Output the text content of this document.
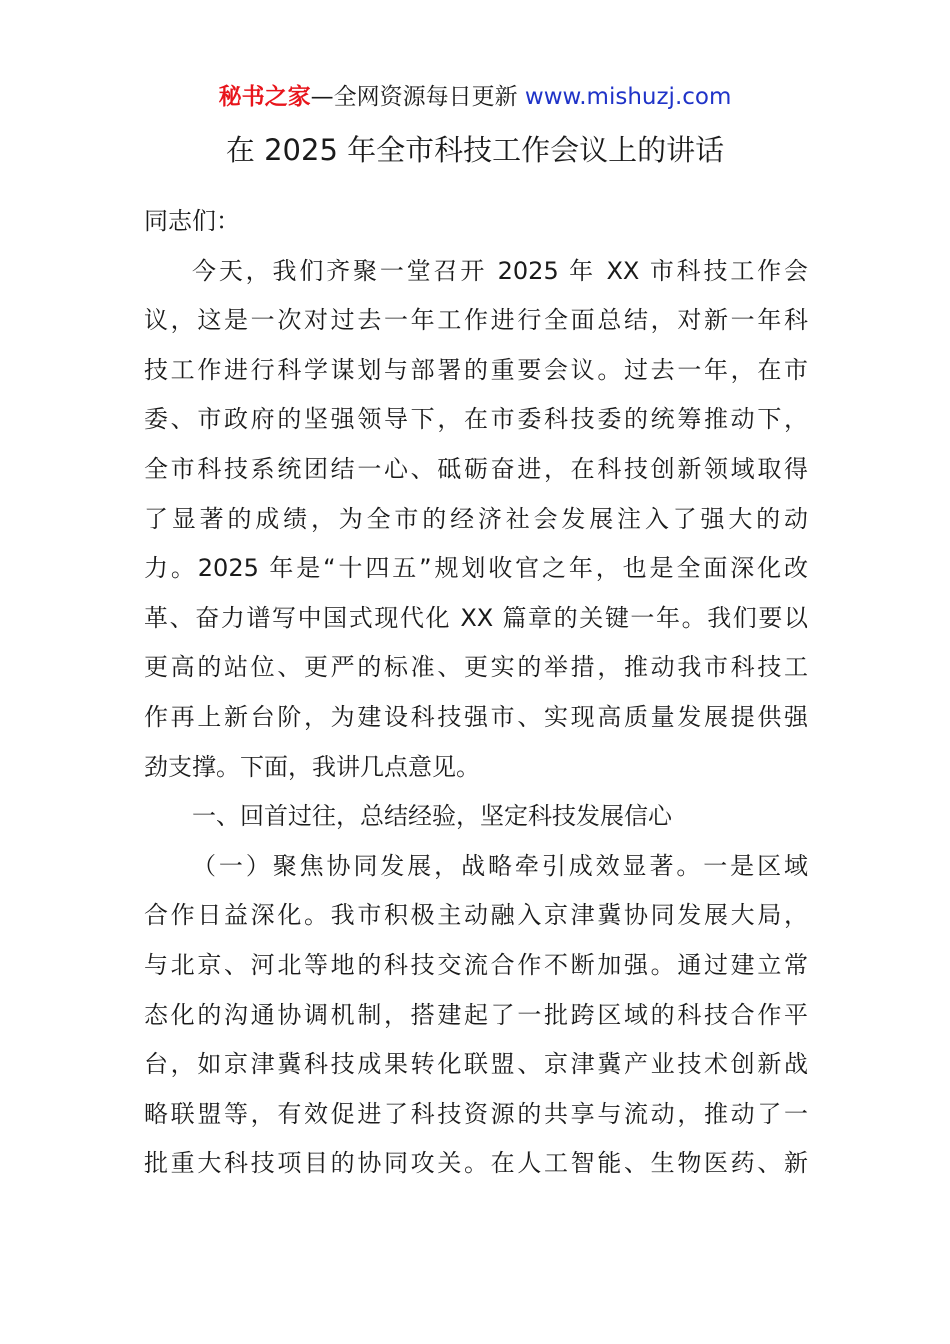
秘书之家—全网资源每日更新 www.mishuzj.com
在 2025 年全市科技工作会议上的讲话
同志们：
今天，我们齐聚一堂召开 2025 年 XX 市科技工作会
议，这是一次对过去一年工作进行全面总结，对新一年科
技工作进行科学谋划与部署的重要会议。过去一年，在市
委、市政府的坚强领导下，在市委科技委的统筹推动下，
全市科技系统团结一心、砥砺奋进，在科技创新领域取得
了显著的成绩，为全市的经济社会发展注入了强大的动
力。2025 年是“十四五”规划收官之年，也是全面深化改
革、奋力谱写中国式现代化 XX 篇章的关键一年。我们要以
更高的站位、更严的标准、更实的举措，推动我市科技工
作再上新台阶，为建设科技强市、实现高质量发展提供强
劲支撑。下面，我讲几点意见。
一、回首过往，总结经验，坚定科技发展信心
（一）聚焦协同发展，战略牵引成效显著。一是区域
合作日益深化。我市积极主动融入京津冀协同发展大局，
与北京、河北等地的科技交流合作不断加强。通过建立常
态化的沟通协调机制，搭建起了一批跨区域的科技合作平
台，如京津冀科技成果转化联盟、京津冀产业技术创新战
略联盟等，有效促进了科技资源的共享与流动，推动了一
批重大科技项目的协同攻关。在人工智能、生物医药、新
